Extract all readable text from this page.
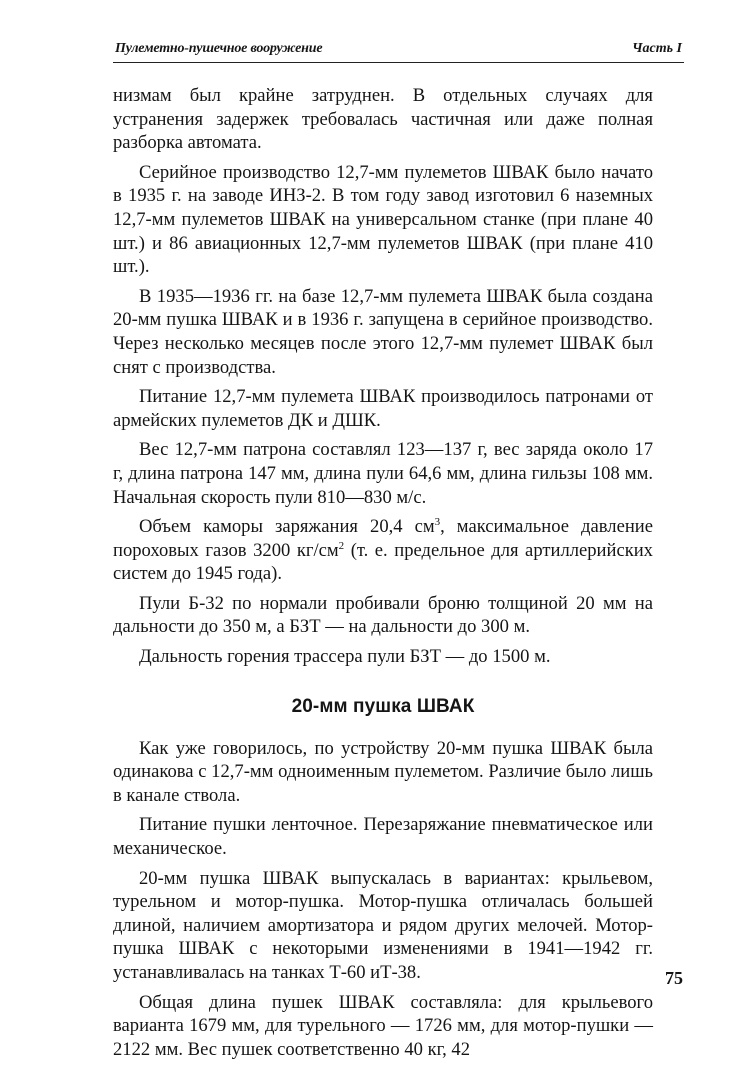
Пулеметно-пушечное вооружение	Часть I

низмам был крайне затруднен. В отдельных случаях для устранения задержек требовалась частичная или даже полная разборка автомата.

Серийное производство 12,7-мм пулеметов ШВАК было начато в 1935 г. на заводе ИНЗ-2. В том году завод изготовил 6 наземных 12,7-мм пулеметов ШВАК на универсальном станке (при плане 40 шт.) и 86 авиационных 12,7-мм пулеметов ШВАК (при плане 410 шт.).

В 1935—1936 гг. на базе 12,7-мм пулемета ШВАК была создана 20-мм пушка ШВАК и в 1936 г. запущена в серийное производство. Через несколько месяцев после этого 12,7-мм пулемет ШВАК был снят с производства.

Питание 12,7-мм пулемета ШВАК производилось патронами от армейских пулеметов ДК и ДШК.

Вес 12,7-мм патрона составлял 123—137 г, вес заряда около 17 г, длина патрона 147 мм, длина пули 64,6 мм, длина гильзы 108 мм. Начальная скорость пули 810—830 м/с.

Объем каморы заряжания 20,4 $см^3$, максимальное давление пороховых газов 3200 $кг/см^2$ (т. е. предельное для артиллерийских систем до 1945 года).

Пули Б-32 по нормали пробивали броню толщиной 20 мм на дальности до 350 м, а БЗТ — на дальности до 300 м.

Дальность горения трассера пули БЗТ — до 1500 м.

20-мм пушка ШВАК

Как уже говорилось, по устройству 20-мм пушка ШВАК была одинакова с 12,7-мм одноименным пулеметом. Различие было лишь в канале ствола.

Питание пушки ленточное. Перезаряжание пневматическое или механическое.

20-мм пушка ШВАК выпускалась в вариантах: крыльевом, турельном и мотор-пушка. Мотор-пушка отличалась большей длиной, наличием амортизатора и рядом других мелочей. Мотор-пушка ШВАК с некоторыми изменениями в 1941—1942 гг. устанавливалась на танках Т-60 иТ-38.

Общая длина пушек ШВАК составляла: для крыльевого варианта 1679 мм, для турельного — 1726 мм, для мотор-пушки — 2122 мм. Вес пушек соответственно 40 кг, 42

75
